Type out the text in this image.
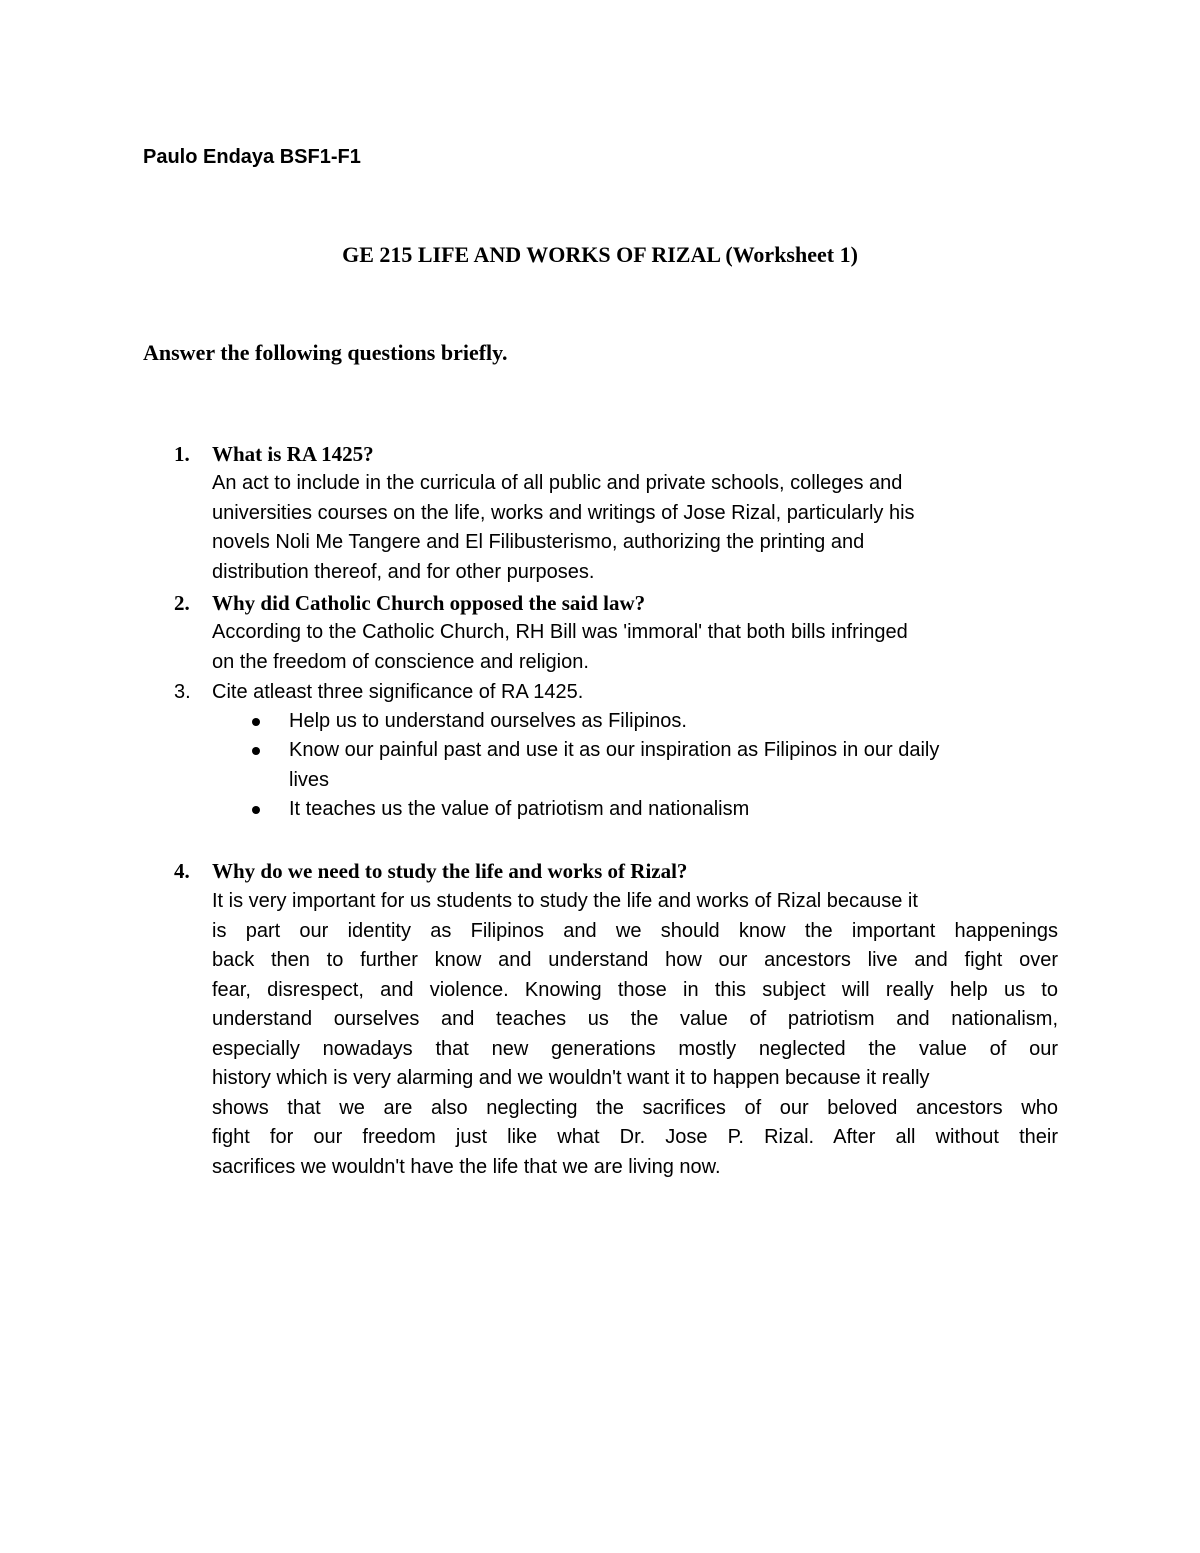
Paulo Endaya BSF1-F1
GE 215 LIFE AND WORKS OF RIZAL (Worksheet 1)
Answer the following questions briefly.
1.	What is RA 1425?
An act to include in the curricula of all public and private schools, colleges and
universities courses on the life, works and writings of Jose Rizal, particularly his
novels Noli Me Tangere and El Filibusterismo, authorizing the printing and
distribution thereof, and for other purposes.
2.	Why did Catholic Church opposed the said law?
According to the Catholic Church, RH Bill was 'immoral' that both bills infringed
on the freedom of conscience and religion.
3.	Cite atleast three significance of RA 1425.
Help us to understand ourselves as Filipinos.
Know our painful past and use it as our inspiration as Filipinos in our daily
lives
It teaches us the value of patriotism and nationalism
4.	Why do we need to study the life and works of Rizal?
It is very important for us students to study the life and works of Rizal because it
is part our identity as Filipinos and we should know the important happenings
back then to further know and understand how our ancestors live and fight over
fear, disrespect, and violence. Knowing those in this subject will really help us to
understand ourselves and teaches us the value of patriotism and nationalism,
especially nowadays that new generations mostly neglected the value of our
history which is very alarming and we wouldn't want it to happen because it really
shows that we are also neglecting the sacrifices of our beloved ancestors who
fight for our freedom just like what Dr. Jose P. Rizal. After all without their
sacrifices we wouldn't have the life that we are living now.
